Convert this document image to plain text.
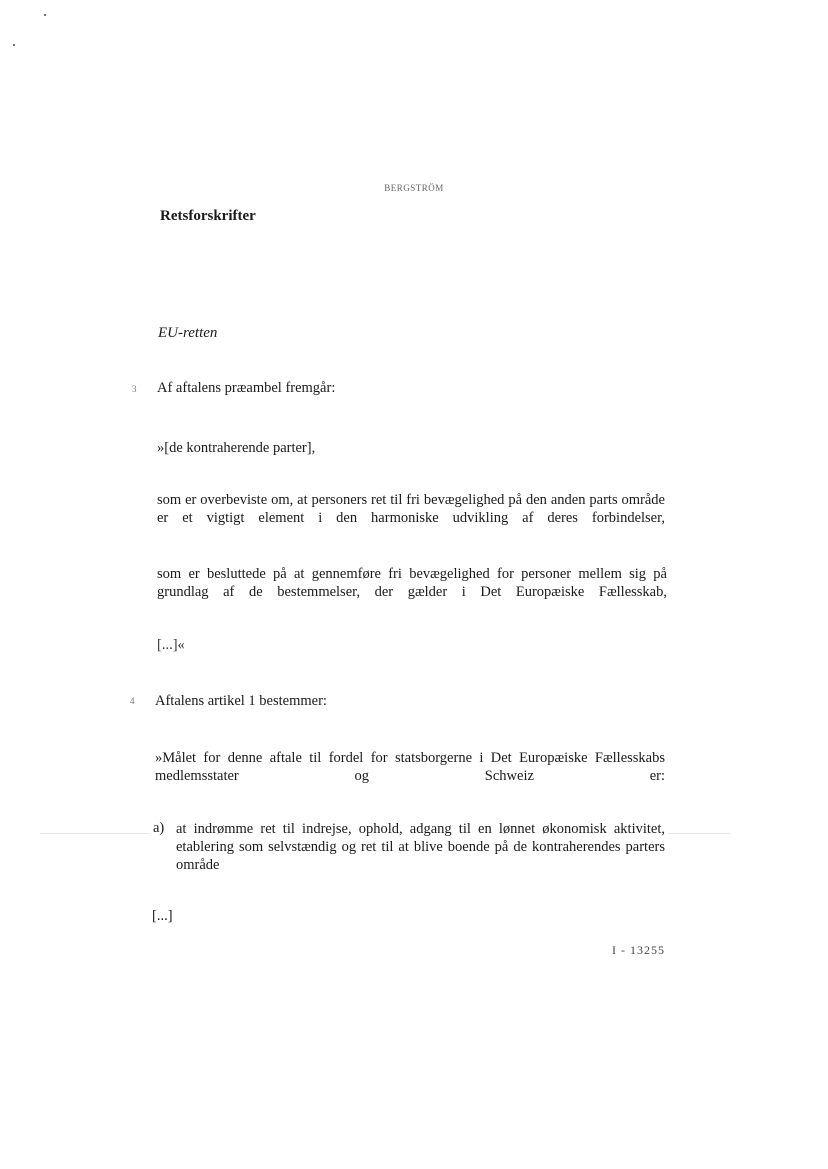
BERGSTRÖM
Retsforskrifter
EU-retten
3 Af aftalens præambel fremgår:
»[de kontraherende parter],
som er overbeviste om, at personers ret til fri bevægelighed på den anden parts område er et vigtigt element i den harmoniske udvikling af deres forbindelser,
som er besluttede på at gennemføre fri bevægelighed for personer mellem sig på grundlag af de bestemmelser, der gælder i Det Europæiske Fællesskab,
[...]«
4 Aftalens artikel 1 bestemmer:
»Målet for denne aftale til fordel for statsborgerne i Det Europæiske Fællesskabs medlemsstater og Schweiz er:
a) at indrømme ret til indrejse, ophold, adgang til en lønnet økonomisk aktivitet, etablering som selvstændig og ret til at blive boende på de kontraherendes parters område
[...]
I - 13255
